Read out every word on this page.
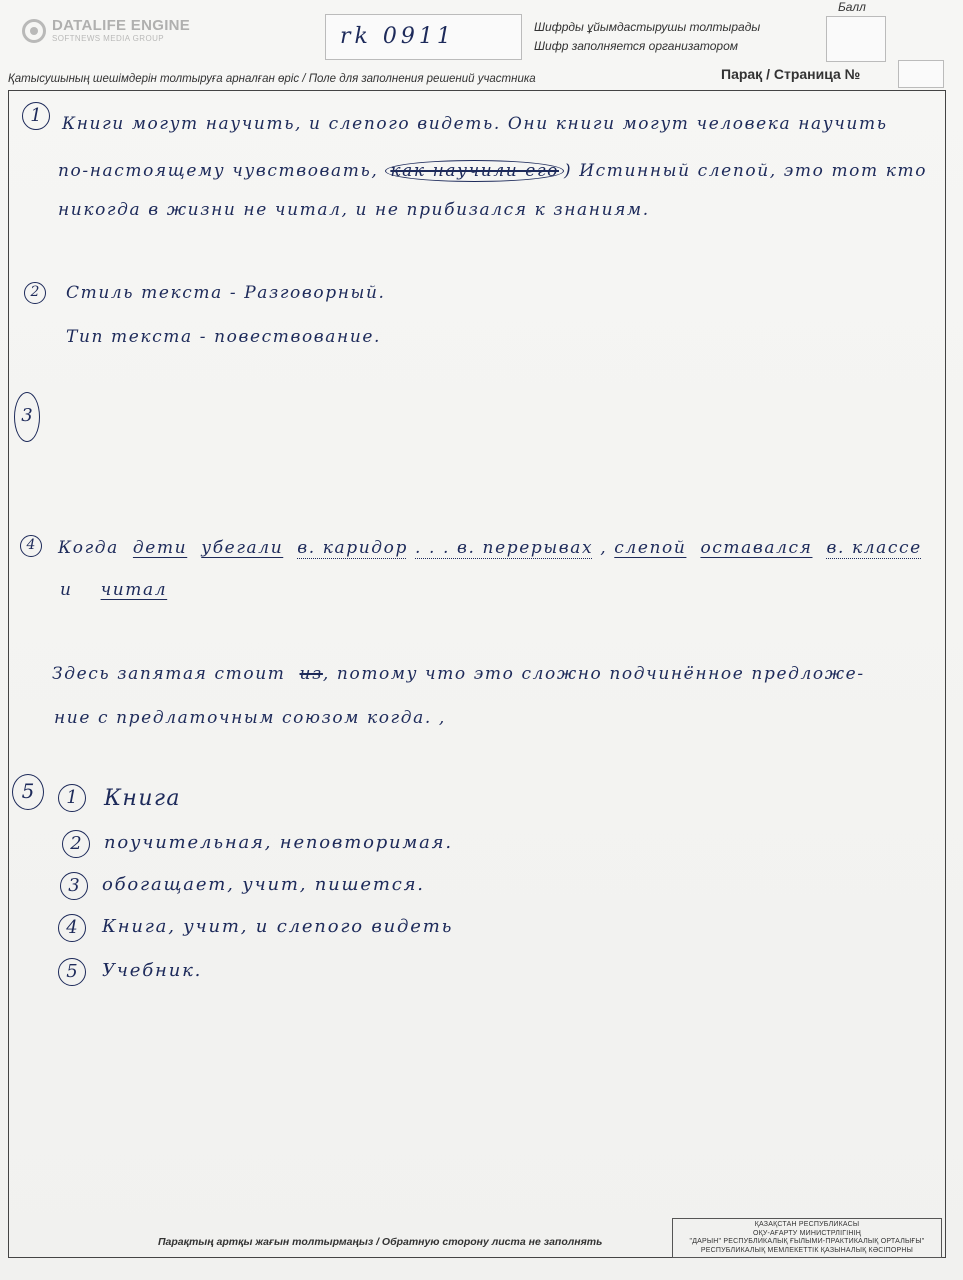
DATALIFE ENGINE
SOFTNEWS MEDIA GROUP	rk 0911	Шифрды ұйымдастырушы толтырады
Шифр заполняется организатором
Балл
Қатысушының шешімдерін толтыруға арналған өріс / Поле для заполнения решений участника	Парақ / Страница №
1	Книги могут научить, и слепого видеть. Они книги могут человека научить
по-настоящему чувствовать, как научили его ) Истинный слепой, это тот кто
никогда в жизни не читал, и не прибизался к знаниям.
2	Стиль текста - Разговорный.
Тип текста - повествование.
3
4	Когда дети убегали в. каридор . . . в. перерывах , слепой оставался в. классе
и читал
Здесь запятая стоит из, потому что это сложно подчинённое предложе-
ние с предлаточным союзом когда. ,
5	1	Книга
2	поучительная, неповторимая.
3	обогащает, учит, пишется.
4	Книга, учит, и слепого видеть
5	Учебник.
Парақтың артқы жағын толтырмаңыз / Обратную сторону листа не заполнять
ҚАЗАҚСТАН РЕСПУБЛИКАСЫ
ОҚУ-АҒАРТУ МИНИСТРЛІГІНІҢ
"ДАРЫН" РЕСПУБЛИКАЛЫҚ ҒЫЛЫМИ-ПРАКТИКАЛЫҚ ОРТАЛЫҒЫ"
РЕСПУБЛИКАЛЫҚ МЕМЛЕКЕТТІК ҚАЗЫНАЛЫҚ КӘСІПОРНЫ
